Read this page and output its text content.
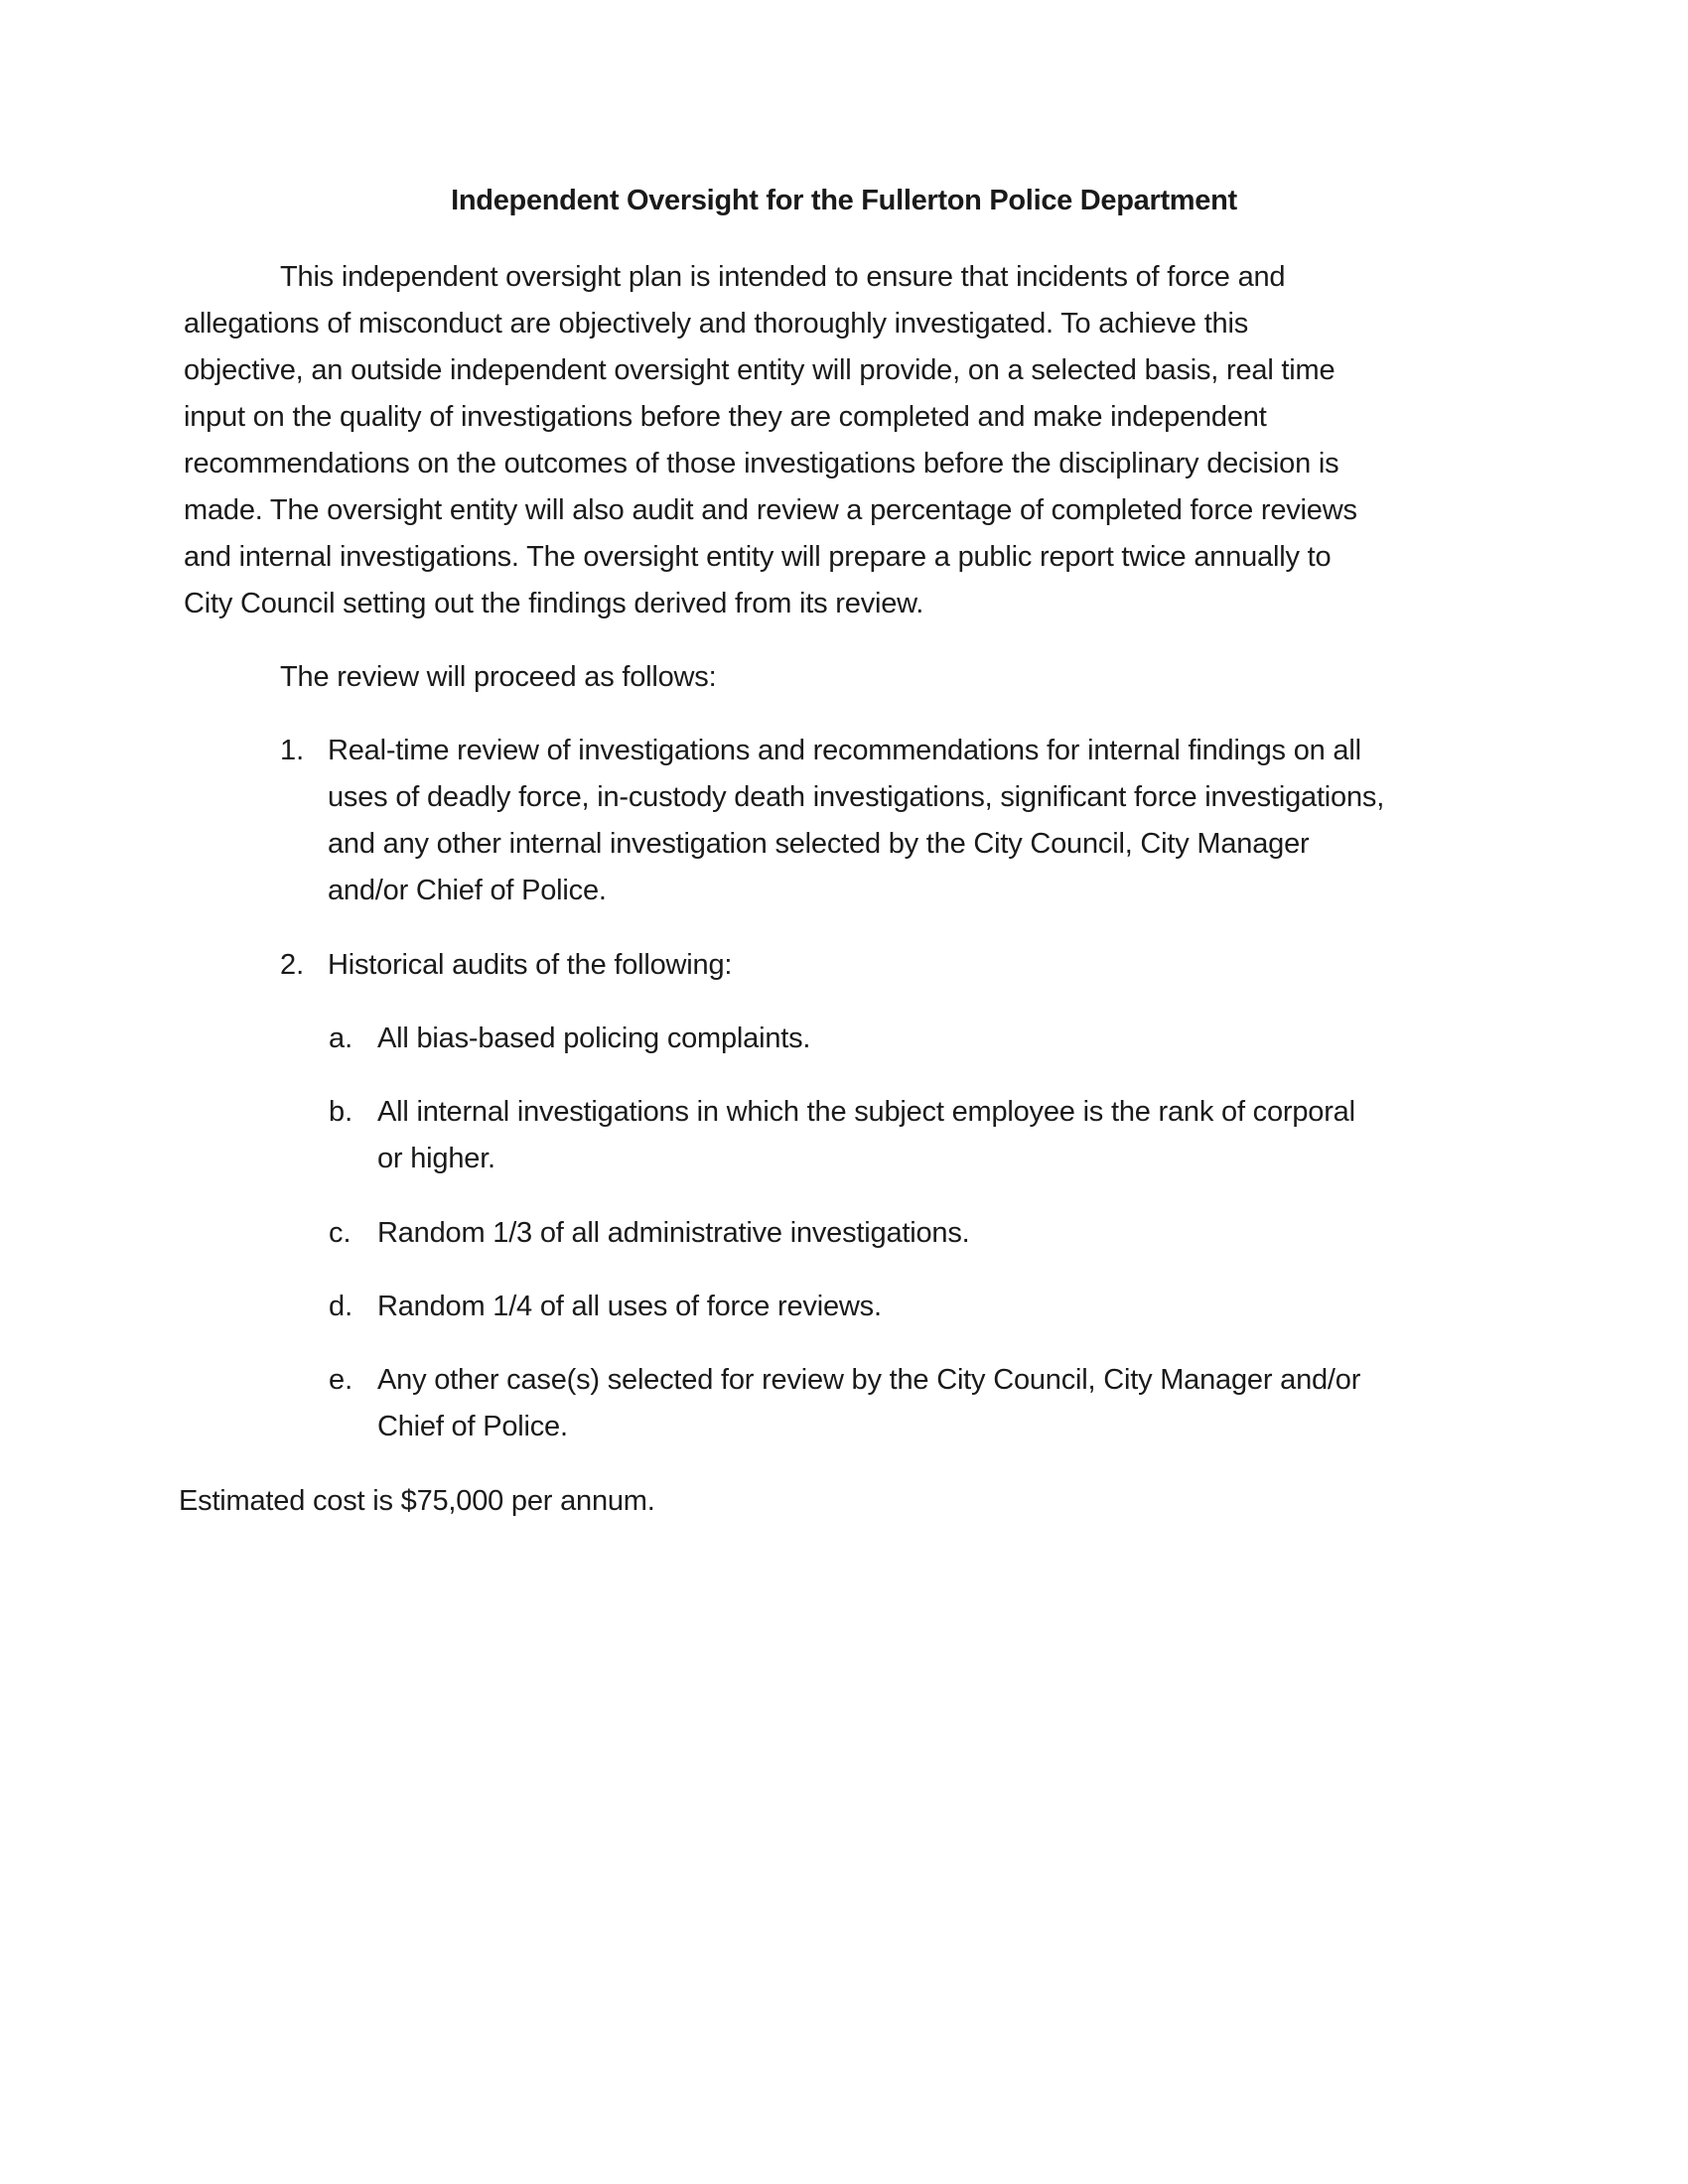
Independent Oversight for the Fullerton Police Department
This independent oversight plan is intended to ensure that incidents of force and
allegations of misconduct are objectively and thoroughly investigated. To achieve this
objective, an outside independent oversight entity will provide, on a selected basis, real time
input on the quality of investigations before they are completed and make independent
recommendations on the outcomes of those investigations before the disciplinary decision is
made. The oversight entity will also audit and review a percentage of completed force reviews
and internal investigations. The oversight entity will prepare a public report twice annually to
City Council setting out the findings derived from its review.
The review will proceed as follows:
1. Real-time review of investigations and recommendations for internal findings on all
uses of deadly force, in-custody death investigations, significant force investigations,
and any other internal investigation selected by the City Council, City Manager
and/or Chief of Police.
2. Historical audits of the following:
a. All bias-based policing complaints.
b. All internal investigations in which the subject employee is the rank of corporal
or higher.
c. Random 1/3 of all administrative investigations.
d. Random 1/4 of all uses of force reviews.
e. Any other case(s) selected for review by the City Council, City Manager and/or
Chief of Police.
Estimated cost is $75,000 per annum.
